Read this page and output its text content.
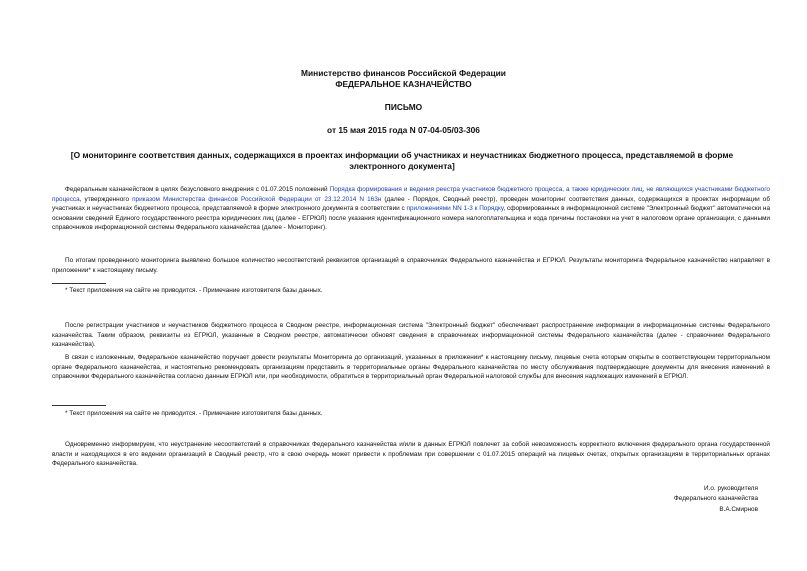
Министерство финансов Российской Федерации
ФЕДЕРАЛЬНОЕ КАЗНАЧЕЙСТВО
ПИСЬМО
от 15 мая 2015 года N 07-04-05/03-306
[О мониторинге соответствия данных, содержащихся в проектах информации об участниках и неучастниках бюджетного процесса, представляемой в форме электронного документа]
Федеральным казначейством в целях безусловного внедрения с 01.07.2015 положений Порядка формирования и ведения реестра участников бюджетного процесса, а также юридических лиц, не являющихся участниками бюджетного процесса, утвержденного приказом Министерства финансов Российской Федерации от 23.12.2014 N 163н (далее - Порядок, Сводный реестр), проведен мониторинг соответствия данных, содержащихся в проектах информации об участниках и неучастниках бюджетного процесса, представляемой в форме электронного документа в соответствии с приложениями NN 1-3 к Порядку, сформированных в информационной системе "Электронный бюджет" автоматически на основании сведений Единого государственного реестра юридических лиц (далее - ЕГРЮЛ) после указания идентификационного номера налогоплательщика и кода причины постановки на учет в налоговом органе организации, с данными справочников информационной системы Федерального казначейства (далее - Мониторинг).
По итогам проведенного мониторинга выявлено большое количество несоответствий реквизитов организаций в справочниках Федерального казначейства и ЕГРЮЛ. Результаты мониторинга Федеральное казначейство направляет в приложении* к настоящему письму.
* Текст приложения на сайте не приводится. - Примечание изготовителя базы данных.
После регистрации участников и неучастников бюджетного процесса в Сводном реестре, информационная система "Электронный бюджет" обеспечивает распространение информации в информационные системы Федерального казначейства. Таким образом, реквизиты из ЕГРЮЛ, указанные в Сводном реестре, автоматически обновят сведения в справочниках информационной системы Федерального казначейства (далее - справочники Федерального казначейства).
В связи с изложенным, Федеральное казначейство поручает довести результаты Мониторинга до организаций, указанных в приложении* к настоящему письму, лицевые счета которым открыты в соответствующем территориальном органе Федерального казначейства, и настоятельно рекомендовать организациям представить в территориальные органы Федерального казначейства по месту обслуживания подтверждающие документы для внесения изменений в справочники Федерального казначейства согласно данным ЕГРЮЛ или, при необходимости, обратиться в территориальный орган Федеральной налоговой службы для внесения надлежащих изменений в ЕГРЮЛ.
* Текст приложения на сайте не приводится. - Примечание изготовителя базы данных.
Одновременно информируем, что неустранение несоответствий в справочниках Федерального казначейства и/или в данных ЕГРЮЛ повлечет за собой невозможность корректного включения федерального органа государственной власти и находящихся в его ведении организаций в Сводный реестр, что в свою очередь может привести к проблемам при совершении с 01.07.2015 операций на лицевых счетах, открытых организациям в территориальных органах Федерального казначейства.
И.о. руководителя
Федерального казначейства
В.А.Смирнов
